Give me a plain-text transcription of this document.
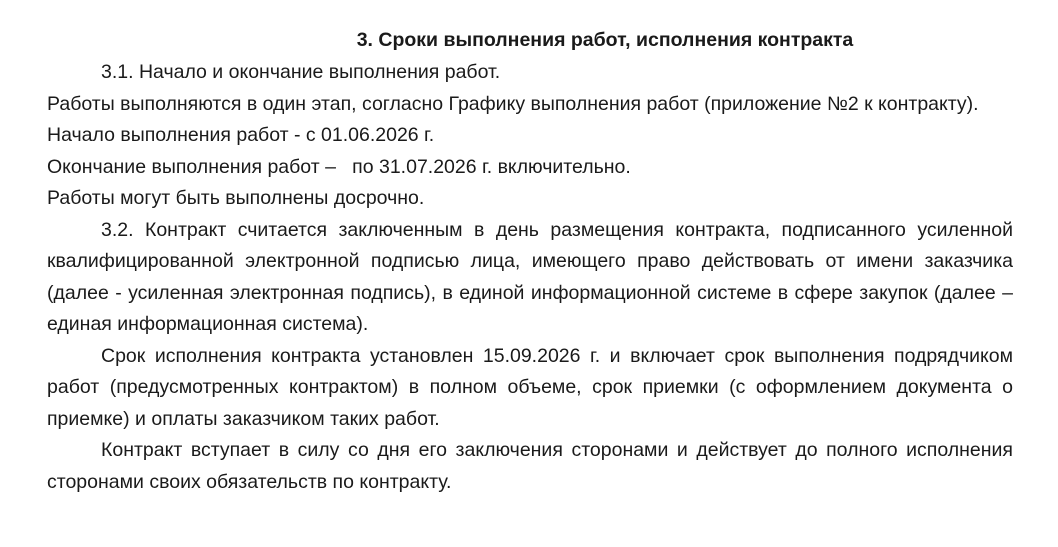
3. Сроки выполнения работ, исполнения контракта

3.1. Начало и окончание выполнения работ.

Работы выполняются в один этап, согласно Графику выполнения работ (приложение №2 к контракту).

Начало выполнения работ - с 01.06.2026 г.

Окончание выполнения работ –   по 31.07.2026 г. включительно.

Работы могут быть выполнены досрочно.

3.2. Контракт считается заключенным в день размещения контракта, подписанного усиленной квалифицированной электронной подписью лица, имеющего право действовать от имени заказчика (далее - усиленная электронная подпись), в единой информационной системе в сфере закупок (далее – единая информационная система).

Срок исполнения контракта установлен 15.09.2026 г. и включает срок выполнения подрядчиком работ (предусмотренных контрактом) в полном объеме, срок приемки (с оформлением документа о приемке) и оплаты заказчиком таких работ.

Контракт вступает в силу со дня его заключения сторонами и действует до полного исполнения сторонами своих обязательств по контракту.
